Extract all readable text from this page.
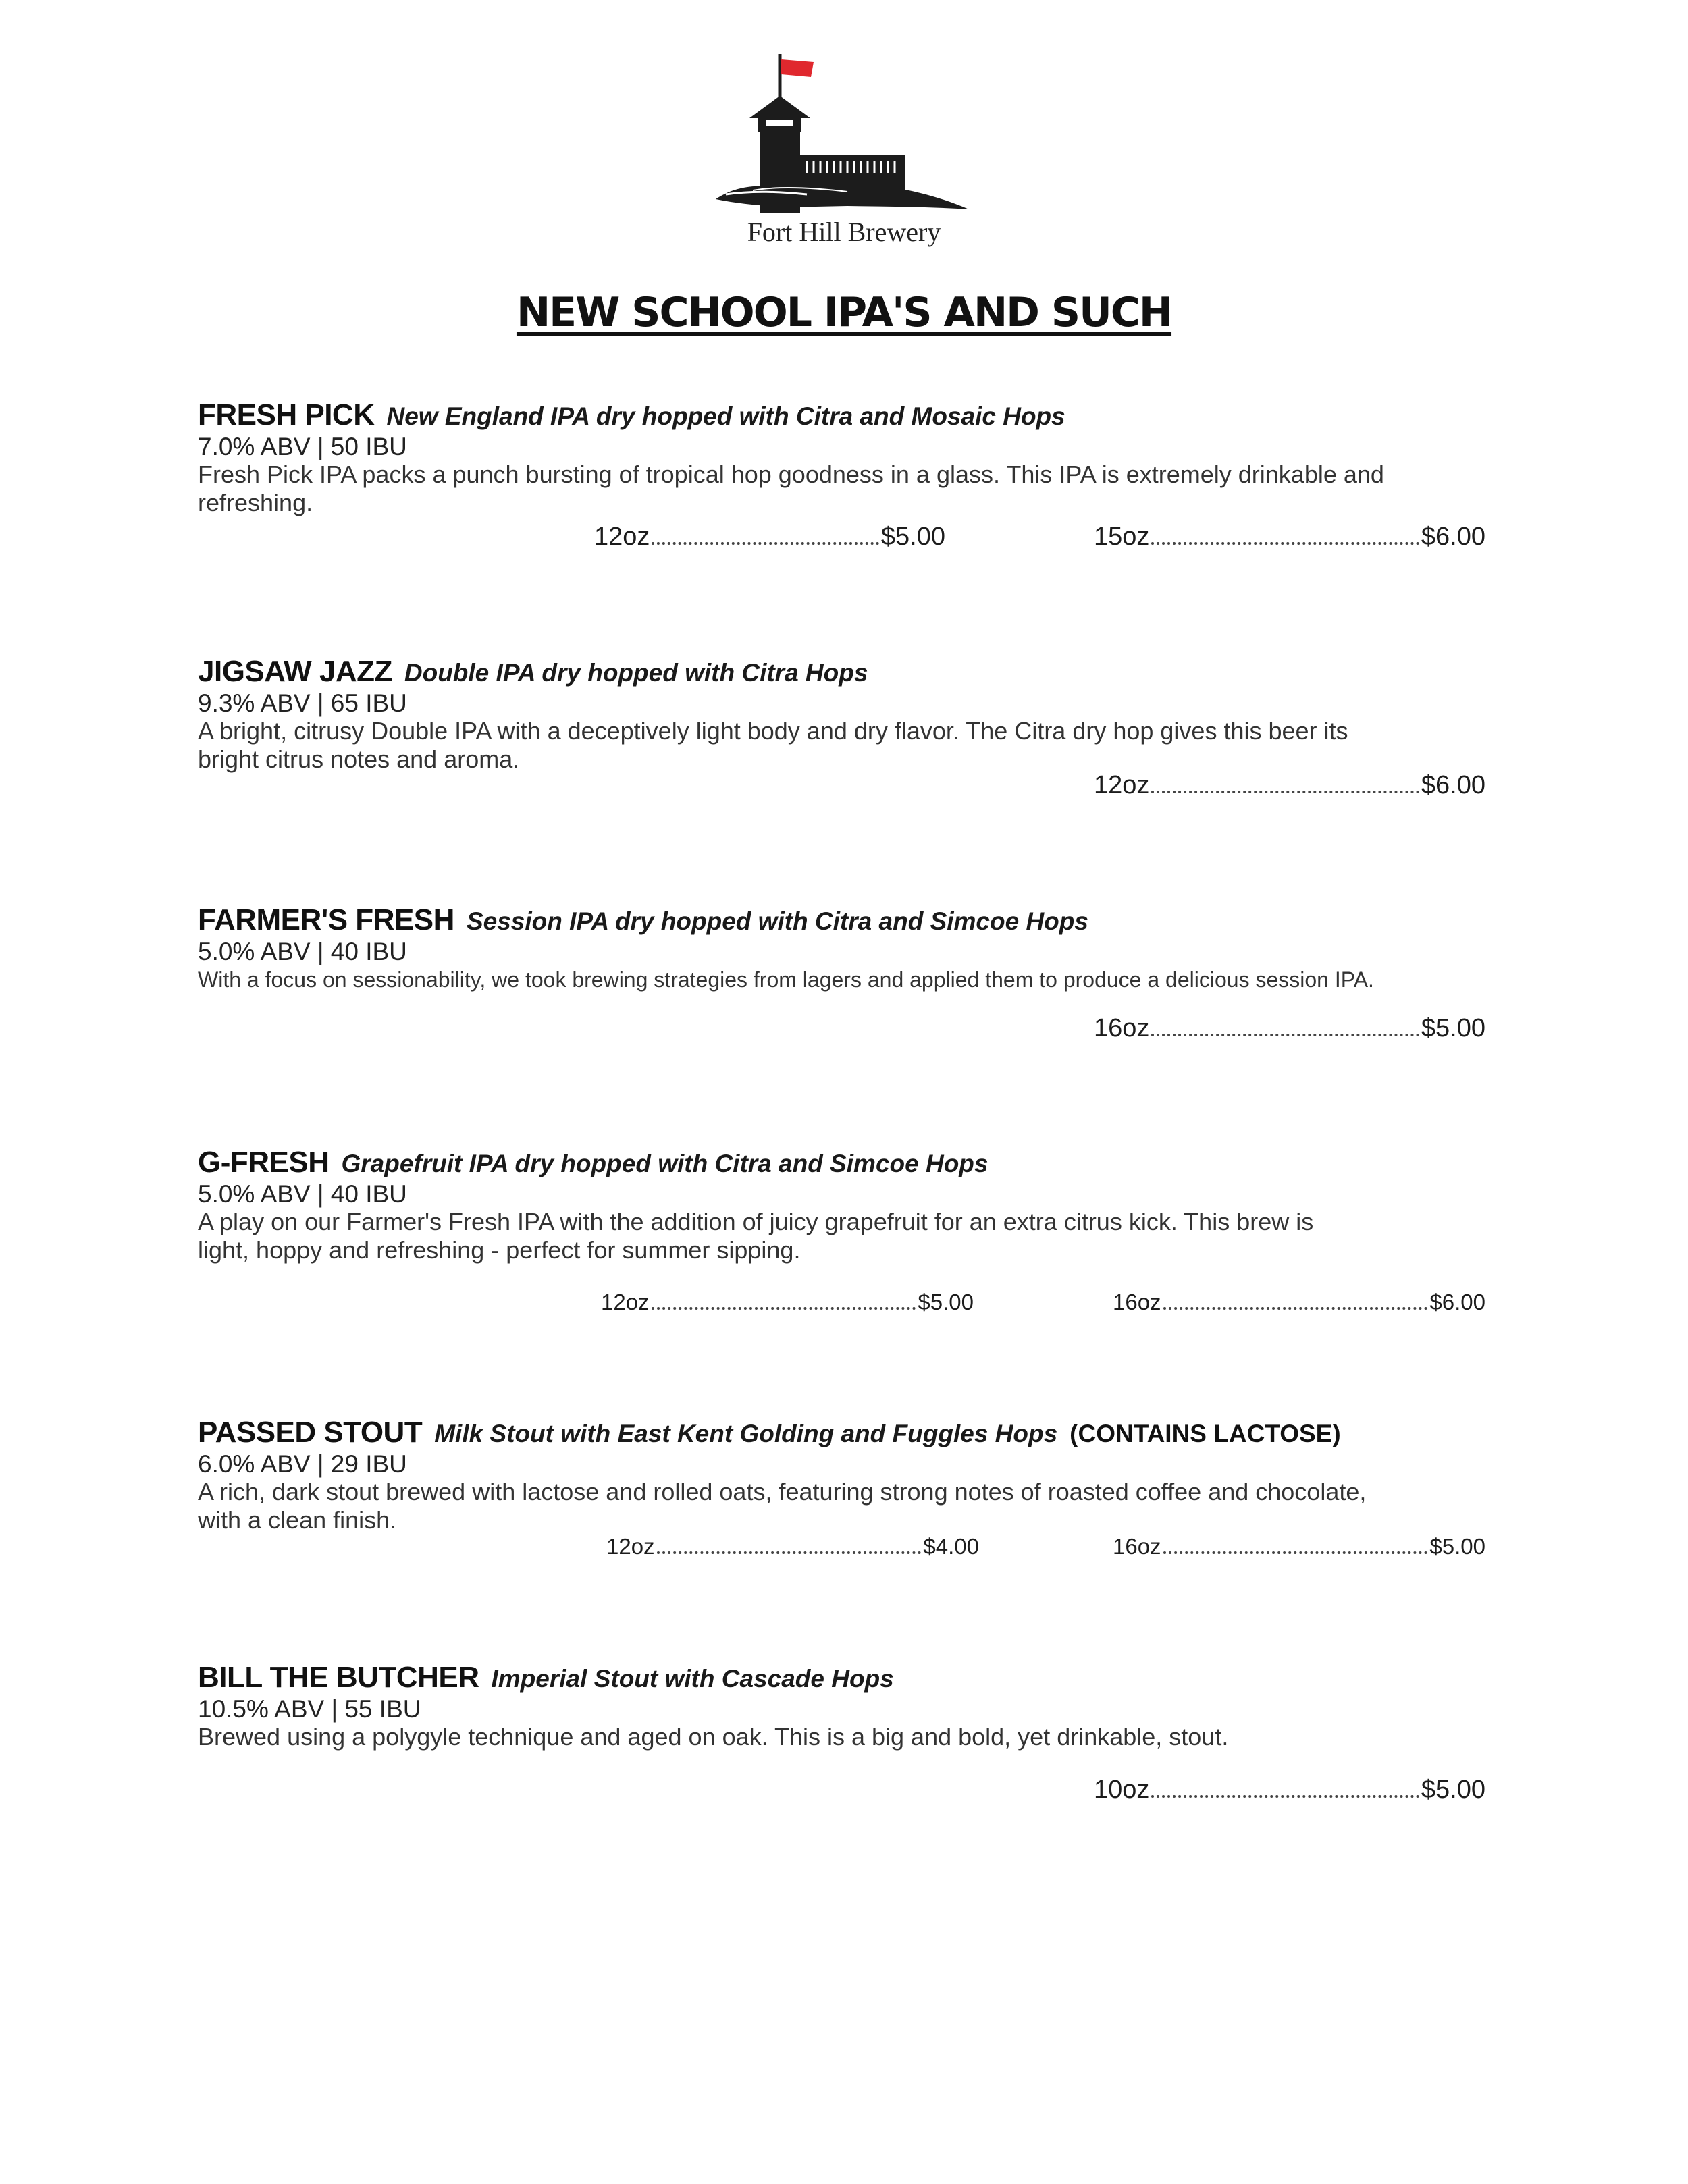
Fort Hill Brewery
NEW SCHOOL IPA'S AND SUCH
FRESH PICK New England IPA dry hopped with Citra and Mosaic Hops
7.0% ABV | 50 IBU
Fresh Pick IPA packs a punch bursting of tropical hop goodness in a glass. This IPA is extremely drinkable and refreshing.
12oz	$5.00	15oz	$6.00
JIGSAW JAZZ Double IPA dry hopped with Citra Hops
9.3% ABV | 65 IBU
A bright, citrusy Double IPA with a deceptively light body and dry flavor. The Citra dry hop gives this beer its bright citrus notes and aroma.
12oz	$6.00
FARMER'S FRESH Session IPA dry hopped with Citra and Simcoe Hops
5.0% ABV | 40 IBU
With a focus on sessionability, we took brewing strategies from lagers and applied them to produce a delicious session IPA.
16oz	$5.00
G-FRESH Grapefruit IPA dry hopped with Citra and Simcoe Hops
5.0% ABV | 40 IBU
A play on our Farmer's Fresh IPA with the addition of juicy grapefruit for an extra citrus kick. This brew is light, hoppy and refreshing - perfect for summer sipping.
12oz	$5.00	16oz	$6.00
PASSED STOUT Milk Stout with East Kent Golding and Fuggles Hops (CONTAINS LACTOSE)
6.0% ABV | 29 IBU
A rich, dark stout brewed with lactose and rolled oats, featuring strong notes of roasted coffee and chocolate, with a clean finish.
12oz	$4.00	16oz	$5.00
BILL THE BUTCHER Imperial Stout with Cascade Hops
10.5% ABV | 55 IBU
Brewed using a polygyle technique and aged on oak. This is a big and bold, yet drinkable, stout.
10oz	$5.00
